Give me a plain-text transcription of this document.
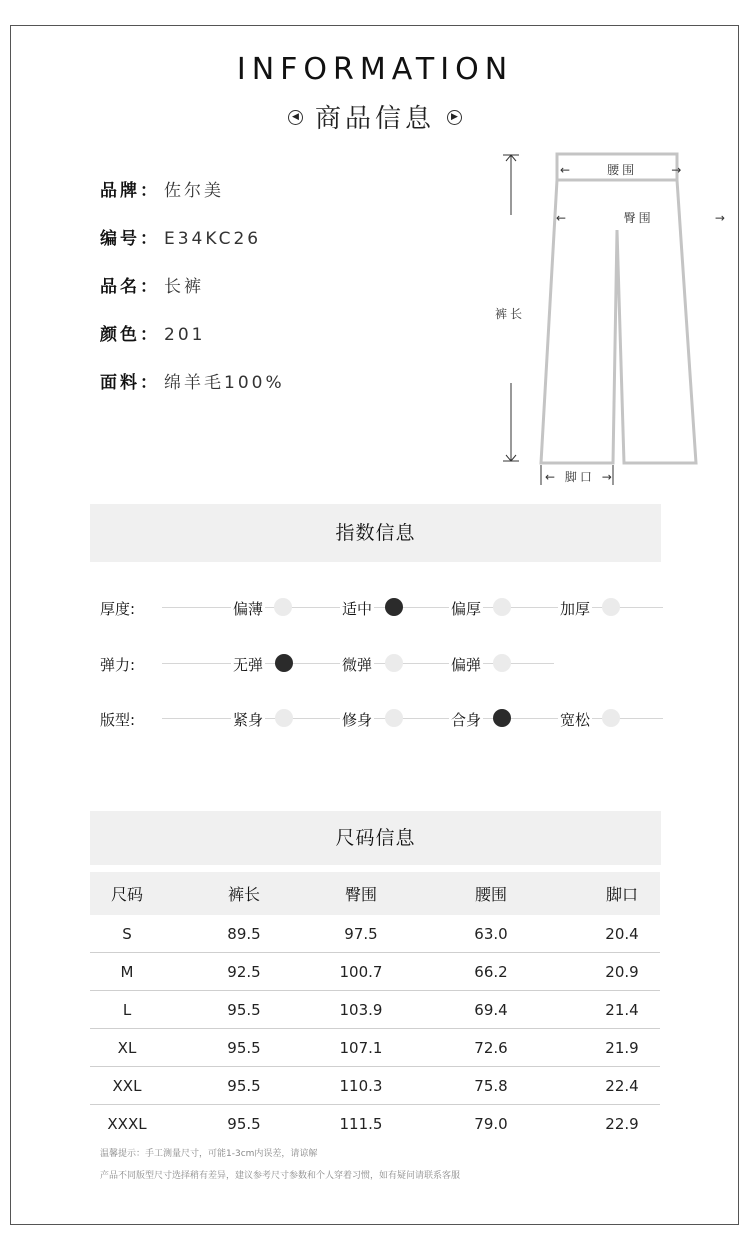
INFORMATION
◀ 商品信息 ▶
品牌： 佐尔美
编号： E34KC26
品名： 长裤
颜色： 201
面料： 绵羊毛100%
←     腰围     →
←        臀围         →
裤长
← 脚口 →
指数信息
厚度:	偏薄	适中	偏厚	加厚
弹力:	无弹	微弹	偏弹
版型:	紧身	修身	合身	宽松
尺码信息
尺码	裤长	臀围	腰围	脚口
S	89.5	97.5	63.0	20.4
M	92.5	100.7	66.2	20.9
L	95.5	103.9	69.4	21.4
XL	95.5	107.1	72.6	21.9
XXL	95.5	110.3	75.8	22.4
XXXL	95.5	111.5	79.0	22.9
温馨提示：手工测量尺寸，可能1-3cm内误差，请谅解
产品不同版型尺寸选择稍有差异，建议参考尺寸参数和个人穿着习惯，如有疑问请联系客服
